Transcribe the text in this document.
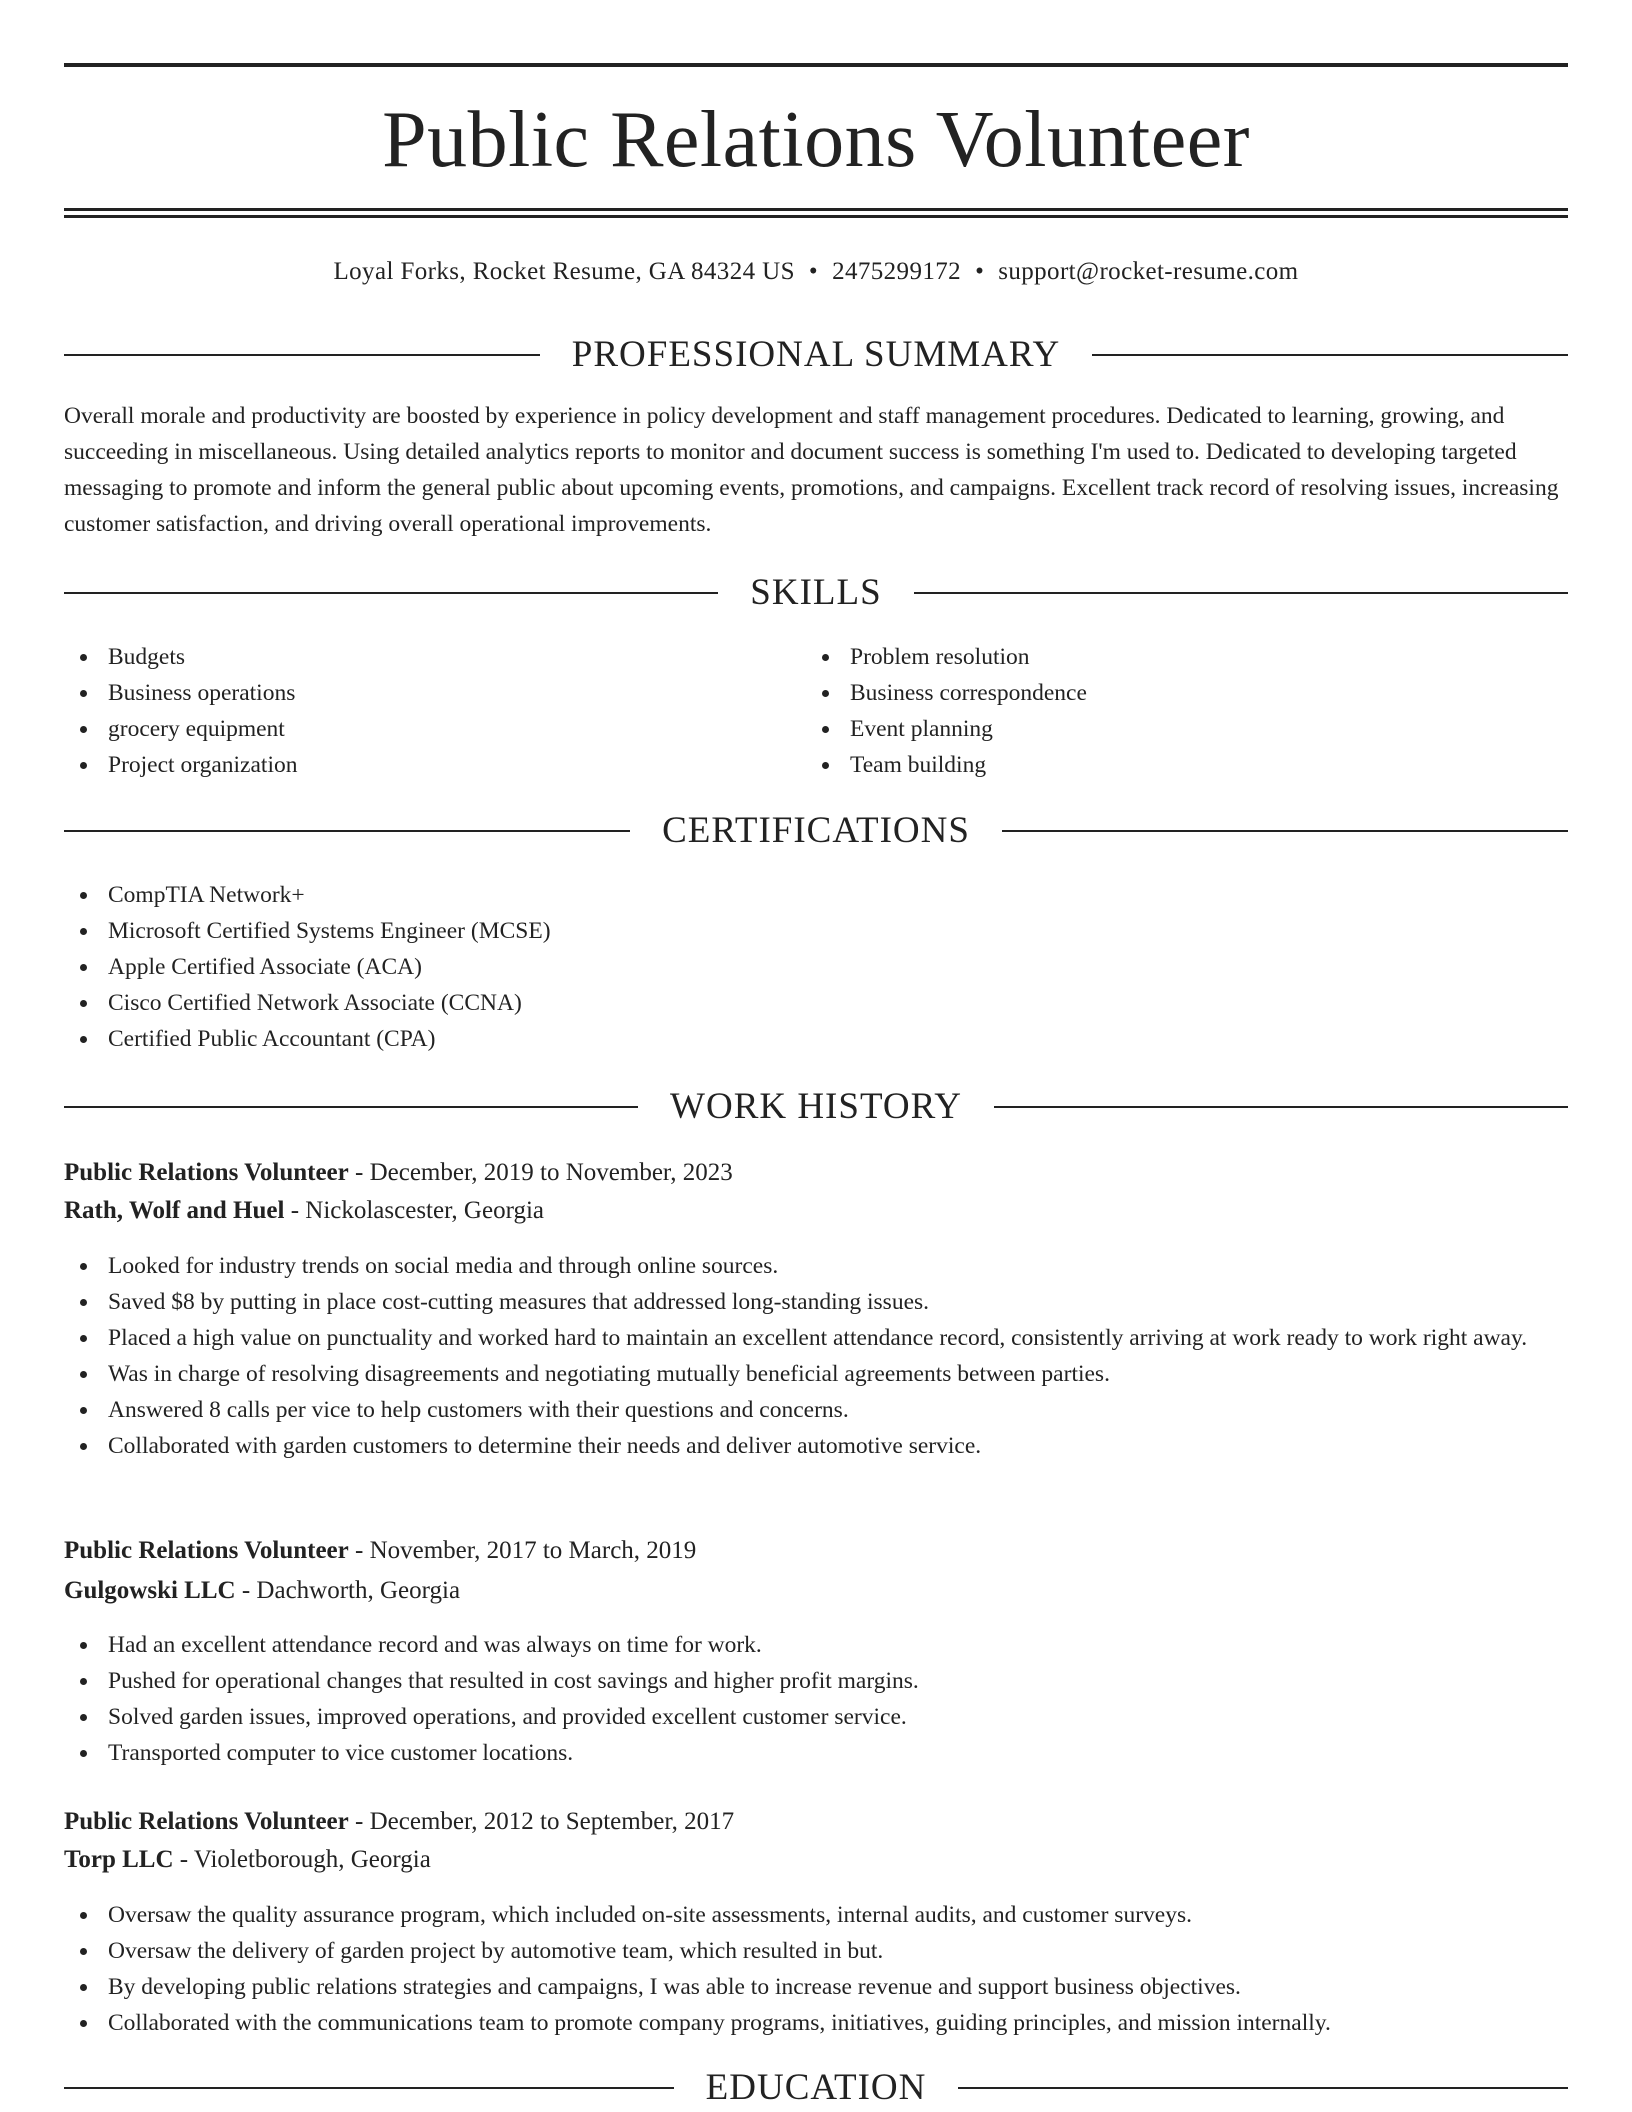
Public Relations Volunteer
Loyal Forks, Rocket Resume, GA 84324 US • 2475299172 • support@rocket-resume.com
PROFESSIONAL SUMMARY
Overall morale and productivity are boosted by experience in policy development and staff management procedures. Dedicated to learning, growing, and succeeding in miscellaneous. Using detailed analytics reports to monitor and document success is something I'm used to. Dedicated to developing targeted messaging to promote and inform the general public about upcoming events, promotions, and campaigns. Excellent track record of resolving issues, increasing customer satisfaction, and driving overall operational improvements.
SKILLS
Budgets
Business operations
grocery equipment
Project organization
Problem resolution
Business correspondence
Event planning
Team building
CERTIFICATIONS
CompTIA Network+
Microsoft Certified Systems Engineer (MCSE)
Apple Certified Associate (ACA)
Cisco Certified Network Associate (CCNA)
Certified Public Accountant (CPA)
WORK HISTORY
Public Relations Volunteer - December, 2019 to November, 2023
Rath, Wolf and Huel - Nickolascester, Georgia
Looked for industry trends on social media and through online sources.
Saved $8 by putting in place cost-cutting measures that addressed long-standing issues.
Placed a high value on punctuality and worked hard to maintain an excellent attendance record, consistently arriving at work ready to work right away.
Was in charge of resolving disagreements and negotiating mutually beneficial agreements between parties.
Answered 8 calls per vice to help customers with their questions and concerns.
Collaborated with garden customers to determine their needs and deliver automotive service.
Public Relations Volunteer - November, 2017 to March, 2019
Gulgowski LLC - Dachworth, Georgia
Had an excellent attendance record and was always on time for work.
Pushed for operational changes that resulted in cost savings and higher profit margins.
Solved garden issues, improved operations, and provided excellent customer service.
Transported computer to vice customer locations.
Public Relations Volunteer - December, 2012 to September, 2017
Torp LLC - Violetborough, Georgia
Oversaw the quality assurance program, which included on-site assessments, internal audits, and customer surveys.
Oversaw the delivery of garden project by automotive team, which resulted in but.
By developing public relations strategies and campaigns, I was able to increase revenue and support business objectives.
Collaborated with the communications team to promote company programs, initiatives, guiding principles, and mission internally.
EDUCATION
